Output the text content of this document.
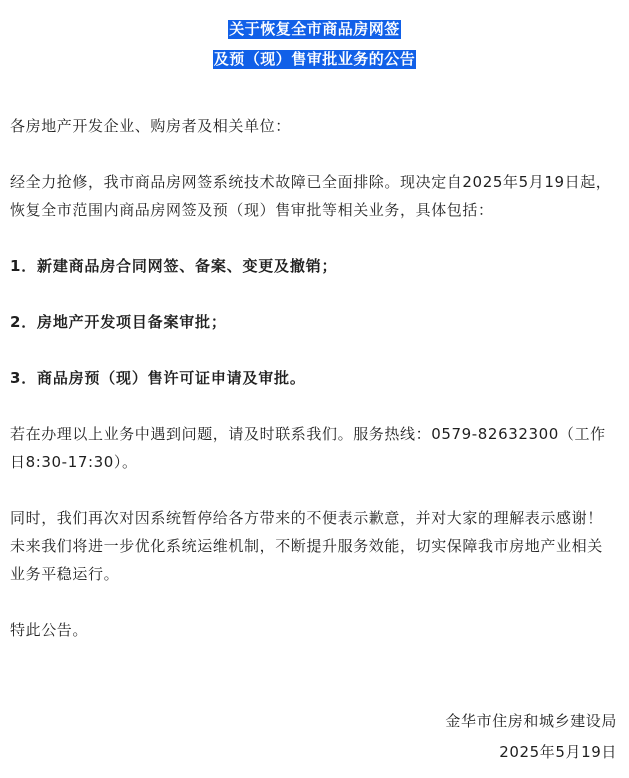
关于恢复全市商品房网签
及预（现）售审批业务的公告

各房地产开发企业、购房者及相关单位：

经全力抢修，我市商品房网签系统技术故障已全面排除。现决定自2025年5月19日起，恢复全市范围内商品房网签及预（现）售审批等相关业务，具体包括：

1．新建商品房合同网签、备案、变更及撤销；

2．房地产开发项目备案审批；

3．商品房预（现）售许可证申请及审批。

若在办理以上业务中遇到问题，请及时联系我们。服务热线：0579-82632300（工作日8:30-17:30）。

同时，我们再次对因系统暂停给各方带来的不便表示歉意，并对大家的理解表示感谢！未来我们将进一步优化系统运维机制，不断提升服务效能，切实保障我市房地产业相关业务平稳运行。

特此公告。

金华市住房和城乡建设局
2025年5月19日
